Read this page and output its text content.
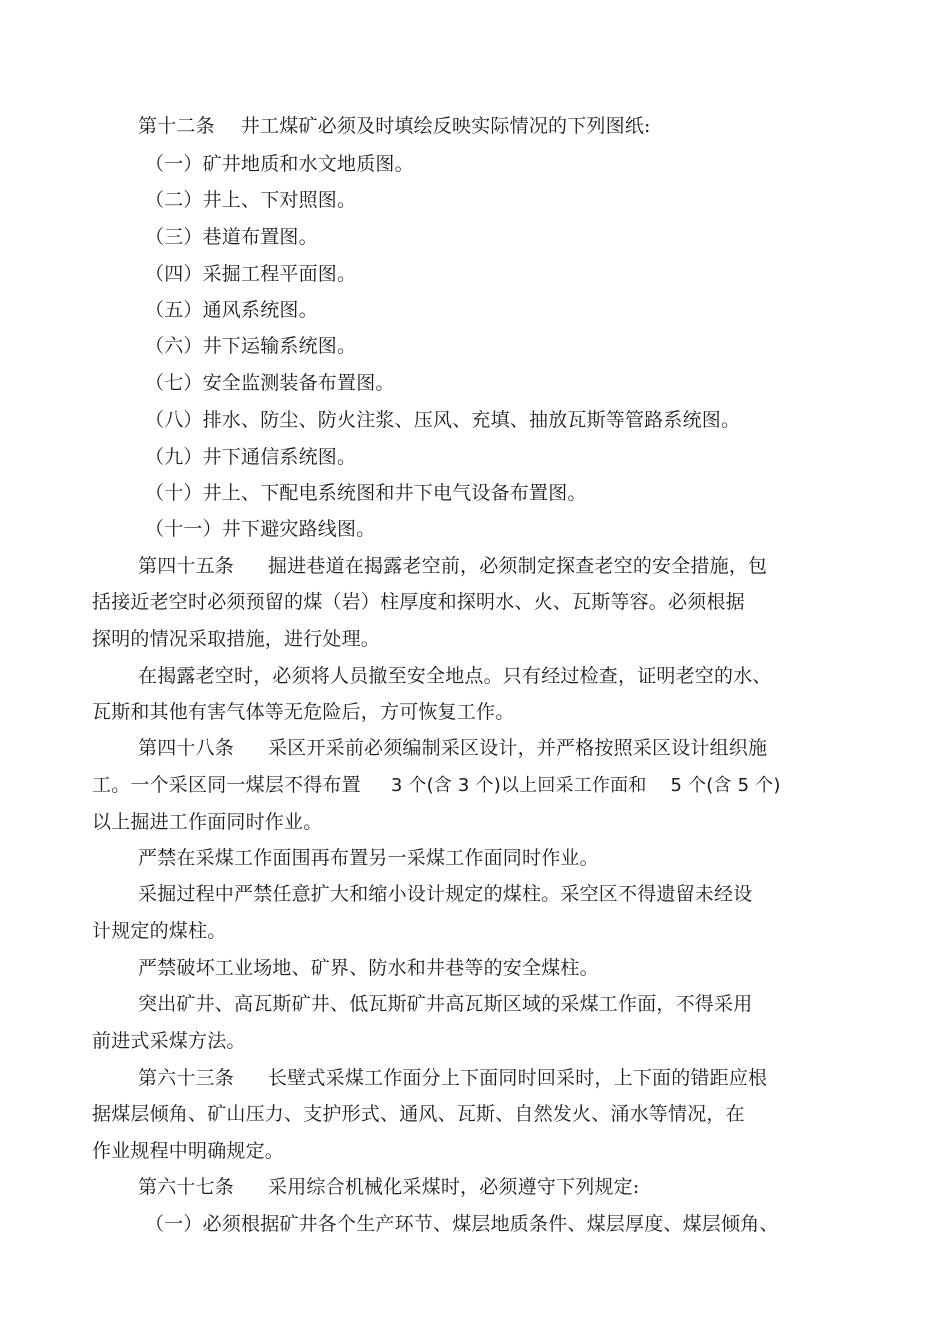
第十二条 井工煤矿必须及时填绘反映实际情况的下列图纸:
（一）矿井地质和水文地质图。
（二）井上、下对照图。
（三）巷道布置图。
（四）采掘工程平面图。
（五）通风系统图。
（六）井下运输系统图。
（七）安全监测装备布置图。
（八）排水、防尘、防火注浆、压风、充填、抽放瓦斯等管路系统图。
（九）井下通信系统图。
（十）井上、下配电系统图和井下电气设备布置图。
（十一）井下避灾路线图。
第四十五条 掘进巷道在揭露老空前，必须制定探查老空的安全措施，包
括接近老空时必须预留的煤（岩）柱厚度和探明水、火、瓦斯等容。必须根据
探明的情况采取措施，进行处理。
在揭露老空时，必须将人员撤至安全地点。只有经过检查，证明老空的水、
瓦斯和其他有害气体等无危险后，方可恢复工作。
第四十八条 采区开采前必须编制采区设计，并严格按照采区设计组织施
工。一个采区同一煤层不得布置 3 个(含 3 个)以上回采工作面和 5 个(含 5 个)
以上掘进工作面同时作业。
严禁在采煤工作面围再布置另一采煤工作面同时作业。
采掘过程中严禁任意扩大和缩小设计规定的煤柱。采空区不得遗留未经设
计规定的煤柱。
严禁破坏工业场地、矿界、防水和井巷等的安全煤柱。
突出矿井、高瓦斯矿井、低瓦斯矿井高瓦斯区域的采煤工作面，不得采用
前进式采煤方法。
第六十三条 长壁式采煤工作面分上下面同时回采时，上下面的错距应根
据煤层倾角、矿山压力、支护形式、通风、瓦斯、自然发火、涌水等情况，在
作业规程中明确规定。
第六十七条 采用综合机械化采煤时，必须遵守下列规定:
（一）必须根据矿井各个生产环节、煤层地质条件、煤层厚度、煤层倾角、
